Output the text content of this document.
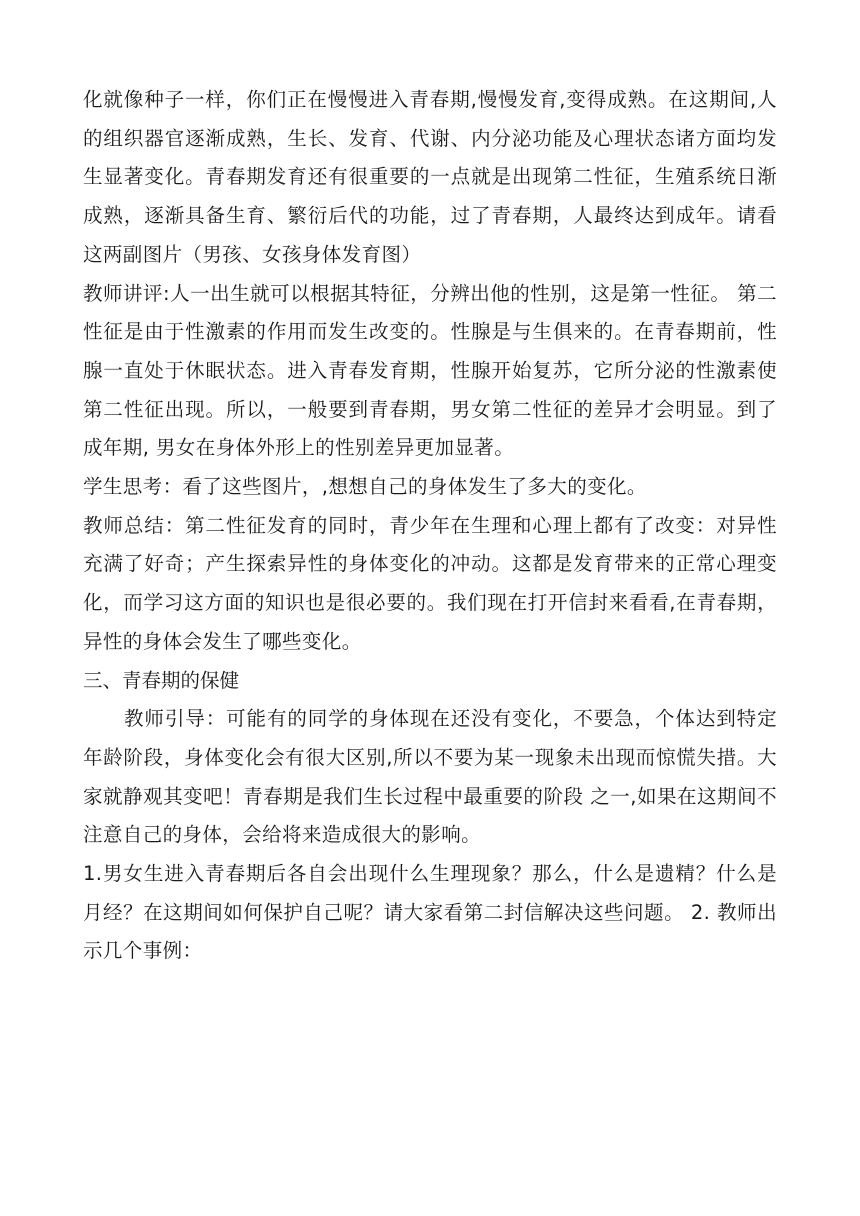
化就像种子一样，你们正在慢慢进入青春期,慢慢发育,变得成熟。在这期间,人的组织器官逐渐成熟，生长、发育、代谢、内分泌功能及心理状态诸方面均发生显著变化。青春期发育还有很重要的一点就是出现第二性征，生殖系统日渐成熟，逐渐具备生育、繁衍后代的功能，过了青春期，人最终达到成年。请看这两副图片（男孩、女孩身体发育图）

教师讲评:人一出生就可以根据其特征，分辨出他的性别，这是第一性征。 第二性征是由于性激素的作用而发生改变的。性腺是与生俱来的。在青春期前，性腺一直处于休眠状态。进入青春发育期，性腺开始复苏，它所分泌的性激素使第二性征出现。所以，一般要到青春期，男女第二性征的差异才会明显。到了成年期, 男女在身体外形上的性别差异更加显著。

学生思考：看了这些图片，,想想自己的身体发生了多大的变化。

教师总结：第二性征发育的同时，青少年在生理和心理上都有了改变：对异性充满了好奇；产生探索异性的身体变化的冲动。这都是发育带来的正常心理变化，而学习这方面的知识也是很必要的。我们现在打开信封来看看,在青春期，异性的身体会发生了哪些变化。

三、青春期的保健

教师引导：可能有的同学的身体现在还没有变化，不要急，个体达到特定年龄阶段，身体变化会有很大区别,所以不要为某一现象未出现而惊慌失措。大家就静观其变吧！青春期是我们生长过程中最重要的阶段 之一,如果在这期间不注意自己的身体，会给将来造成很大的影响。

1.男女生进入青春期后各自会出现什么生理现象？那么，什么是遗精？什么是月经？在这期间如何保护自己呢？请大家看第二封信解决这些问题。 2. 教师出示几个事例：
